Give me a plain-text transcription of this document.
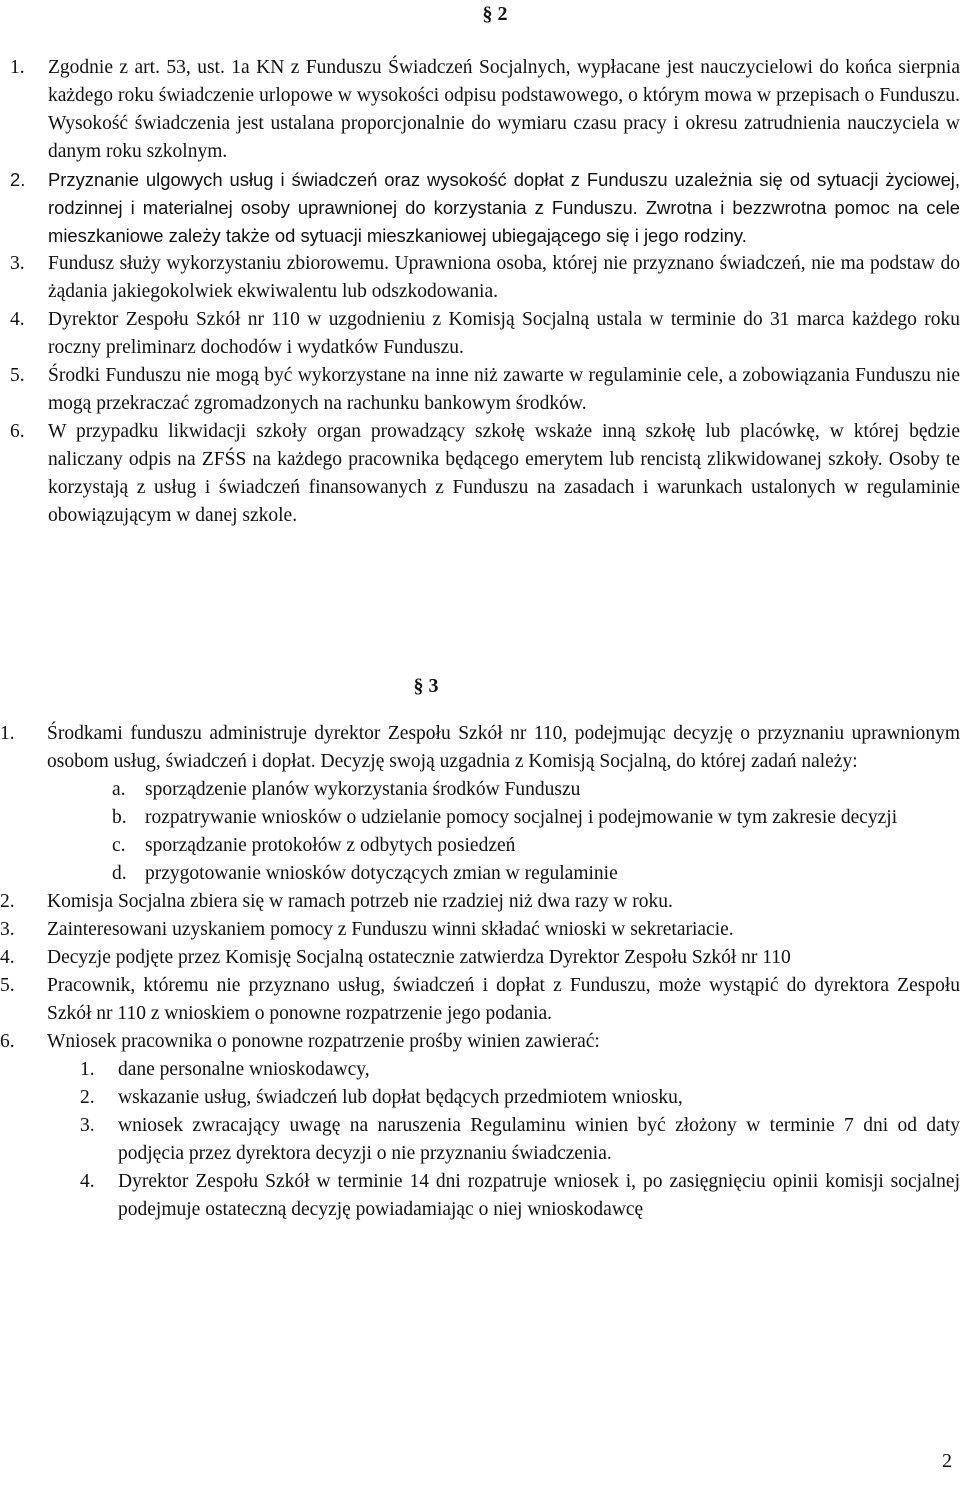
§ 2
1.	Zgodnie z art. 53, ust. 1a KN z Funduszu Świadczeń Socjalnych, wypłacane jest nauczycielowi do końca sierpnia każdego roku świadczenie urlopowe w wysokości odpisu podstawowego, o którym mowa w przepisach o Funduszu. Wysokość świadczenia jest ustalana proporcjonalnie do wymiaru czasu pracy i okresu zatrudnienia nauczyciela w danym roku szkolnym.
2.	Przyznanie ulgowych usług i świadczeń oraz wysokość dopłat z Funduszu uzależnia się od sytuacji życiowej, rodzinnej i materialnej osoby uprawnionej do korzystania z Funduszu. Zwrotna i bezzwrotna pomoc na cele mieszkaniowe zależy także od sytuacji mieszkaniowej ubiegającego się i jego rodziny.
3.	Fundusz służy wykorzystaniu zbiorowemu. Uprawniona osoba, której nie przyznano świadczeń, nie ma podstaw do żądania jakiegokolwiek ekwiwalentu lub odszkodowania.
4.	Dyrektor Zespołu Szkół nr 110 w uzgodnieniu z Komisją Socjalną ustala w terminie do 31 marca każdego roku roczny preliminarz dochodów i wydatków Funduszu.
5.	Środki Funduszu nie mogą być wykorzystane na inne niż zawarte w regulaminie cele, a zobowiązania Funduszu nie mogą przekraczać zgromadzonych na rachunku bankowym środków.
6.	W przypadku likwidacji szkoły organ prowadzący szkołę wskaże inną szkołę lub placówkę, w której będzie naliczany odpis na ZFŚS na każdego pracownika będącego emerytem lub rencistą zlikwidowanej szkoły. Osoby te korzystają z usług i świadczeń finansowanych z Funduszu na zasadach i warunkach ustalonych w regulaminie obowiązującym w danej szkole.
§ 3
1.	Środkami funduszu administruje dyrektor Zespołu Szkół nr 110, podejmując decyzję o przyznaniu uprawnionym osobom usług, świadczeń i dopłat. Decyzję swoją uzgadnia z Komisją Socjalną, do której zadań należy:
a. sporządzenie planów wykorzystania środków Funduszu
b. rozpatrywanie wniosków o udzielanie pomocy socjalnej i podejmowanie w tym zakresie decyzji
c. sporządzanie protokołów z odbytych posiedzeń
d. przygotowanie wniosków dotyczących zmian w regulaminie
2.	Komisja Socjalna zbiera się w ramach potrzeb nie rzadziej niż dwa razy w roku.
3.	Zainteresowani uzyskaniem pomocy z Funduszu winni składać wnioski w sekretariacie.
4.	Decyzje podjęte przez Komisję Socjalną ostatecznie zatwierdza Dyrektor Zespołu Szkół nr 110
5.	Pracownik, któremu nie przyznano usług, świadczeń i dopłat z Funduszu, może wystąpić do dyrektora Zespołu Szkół nr 110 z wnioskiem o ponowne rozpatrzenie jego podania.
6.	Wniosek pracownika o ponowne rozpatrzenie prośby winien zawierać:
1.	dane personalne wnioskodawcy,
2.	wskazanie usług, świadczeń lub dopłat będących przedmiotem wniosku,
3.	wniosek zwracający uwagę na naruszenia Regulaminu winien być złożony w terminie 7 dni od daty podjęcia przez dyrektora decyzji o nie przyznaniu świadczenia.
4.	Dyrektor Zespołu Szkół w terminie 14 dni rozpatruje wniosek i, po zasięgnięciu opinii komisji socjalnej podejmuje ostateczną decyzję powiadamiając o niej wnioskodawcę
2
